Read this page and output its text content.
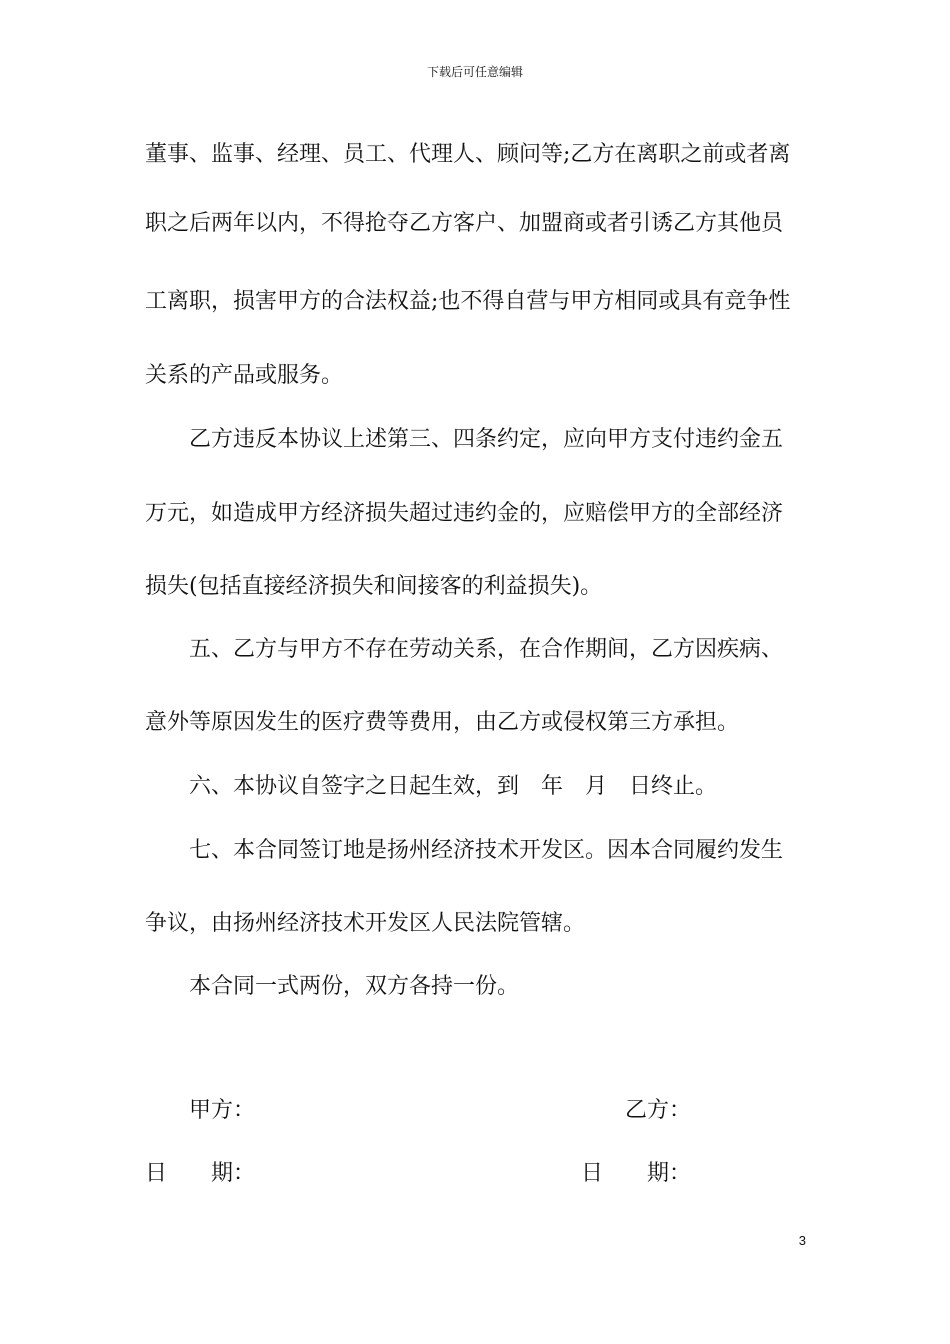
下载后可任意编辑
董事、监事、经理、员工、代理人、顾问等;乙方在离职之前或者离
职之后两年以内，不得抢夺乙方客户、加盟商或者引诱乙方其他员
工离职，损害甲方的合法权益;也不得自营与甲方相同或具有竞争性
关系的产品或服务。
乙方违反本协议上述第三、四条约定，应向甲方支付违约金五
万元，如造成甲方经济损失超过违约金的，应赔偿甲方的全部经济
损失(包括直接经济损失和间接客的利益损失)。
五、乙方与甲方不存在劳动关系，在合作期间，乙方因疾病、
意外等原因发生的医疗费等费用，由乙方或侵权第三方承担。
六、本协议自签字之日起生效，到　年　月　日终止。
七、本合同签订地是扬州经济技术开发区。因本合同履约发生
争议，由扬州经济技术开发区人民法院管辖。
本合同一式两份，双方各持一份。
甲方：	乙方：
日　　期：	日　　期：
3
